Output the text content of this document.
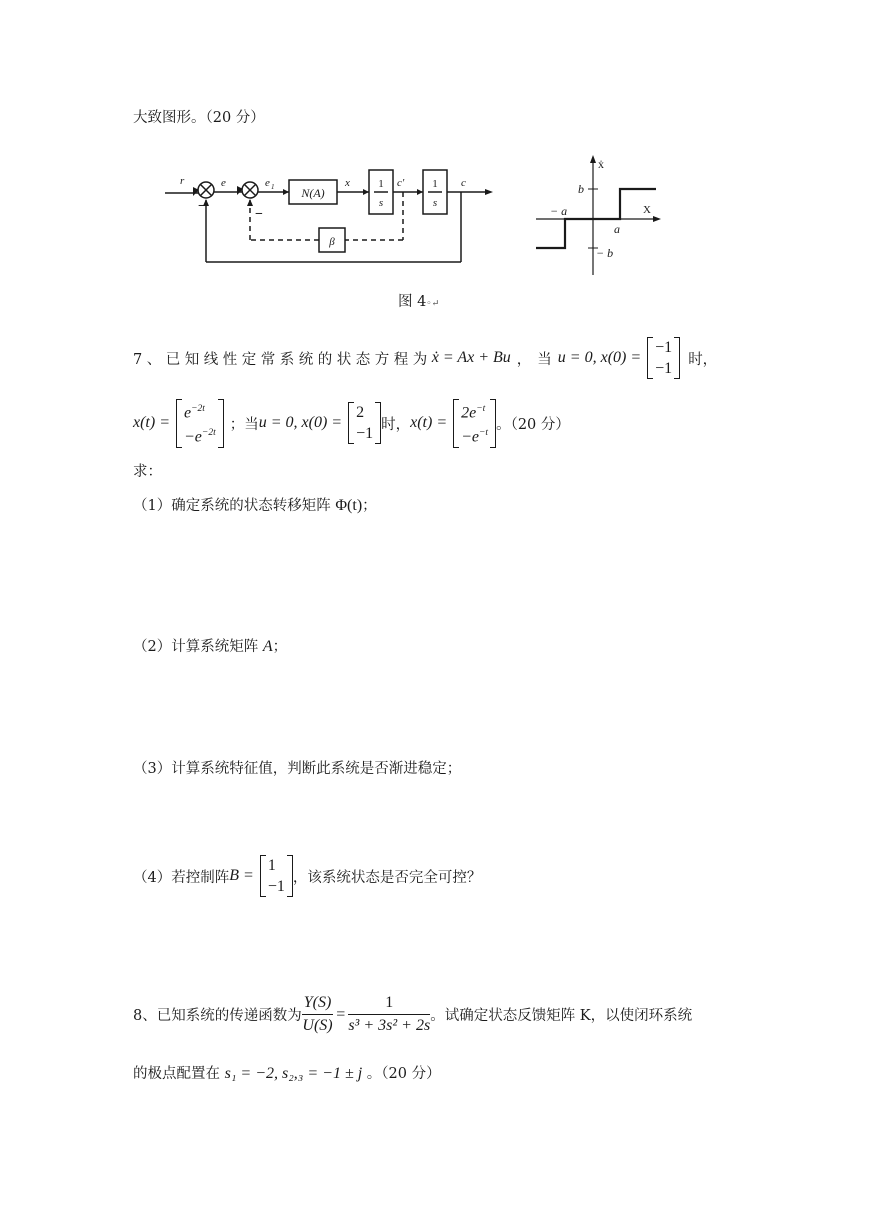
大致图形。（20 分）
r	e	e 1	x	c'	c
N(A)
1
s
1
s
β
−
−
ẋ
X
b
− a
a
− b
图 4◦↵
7、已知线性定常系统的状态方程为 ẋ = Ax + Bu ， 当 u = 0, x(0) =
−1
−1
时，
x(t) =
$e^{-2t}$
$-e^{-2t}$
；当 u = 0, x(0) =
2
−1
时， x(t) =
$2e^{-t}$
$-e^{-t}$
。（20 分）
求：
（1）确定系统的状态转移矩阵 Φ(t)；
（2）计算系统矩阵 A；
（3）计算系统特征值，判断此系统是否渐进稳定；
（4）若控制阵 B =
1
−1
，该系统状态是否完全可控？
8、已知系统的传递函数为 $\frac{Y(S)}{U(S)} = \frac{1}{\text{s³ + 3s² + 2s}}$ 。试确定状态反馈矩阵 K，以使闭环系统
的极点配置在 s₁ = −2, s₂,₃ = −1 ± j 。（20 分）
